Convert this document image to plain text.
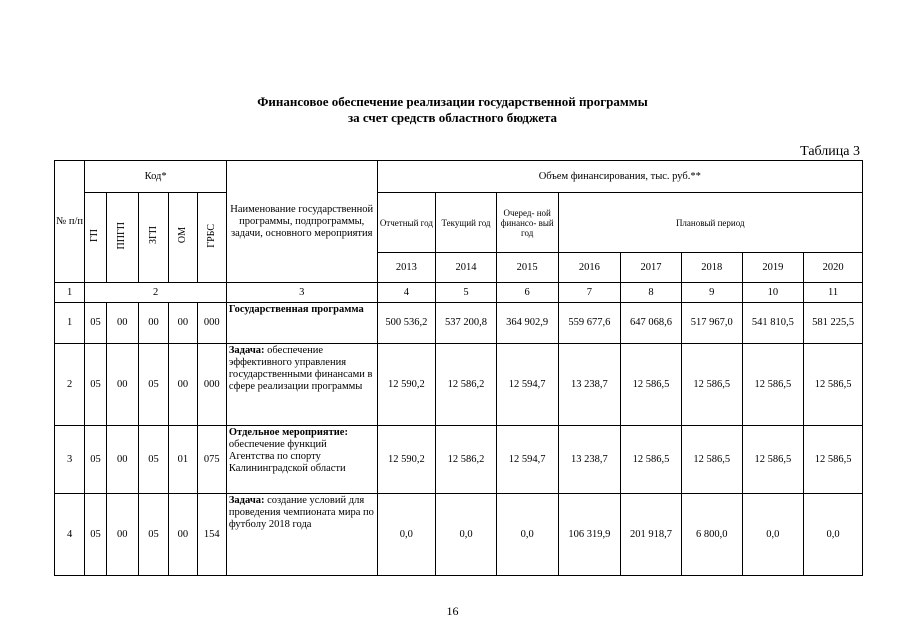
Финансовое обеспечение реализации государственной программы
за счет средств областного бюджета
Таблица 3
№ п/п	Код*					Наименование государственной программы, подпрограммы, задачи, основного мероприятия	Объем финансирования, тыс. руб.**							
	ГП	ППГП	ЗГП	ОМ	ГРБС		Отчетный год	Текущий год	Очеред- ной финансо- вый год	Плановый период				
							2013	2014	2015	2016	2017	2018	2019	2020
1	2					3	4	5	6	7	8	9	10	11
1	05	00	00	00	000	Государственная программа	500 536,2	537 200,8	364 902,9	559 677,6	647 068,6	517 967,0	541 810,5	581 225,5
2	05	00	05	00	000	Задача: обеспечение эффективного управления государственными финансами в сфере реализации программы	12 590,2	12 586,2	12 594,7	13 238,7	12 586,5	12 586,5	12 586,5	12 586,5
3	05	00	05	01	075	Отдельное мероприятие: обеспечение функций Агентства по спорту Калининградской области	12 590,2	12 586,2	12 594,7	13 238,7	12 586,5	12 586,5	12 586,5	12 586,5
4	05	00	05	00	154	Задача: создание условий для проведения чемпионата мира по футболу 2018 года	0,0	0,0	0,0	106 319,9	201 918,7	6 800,0	0,0	0,0
16
